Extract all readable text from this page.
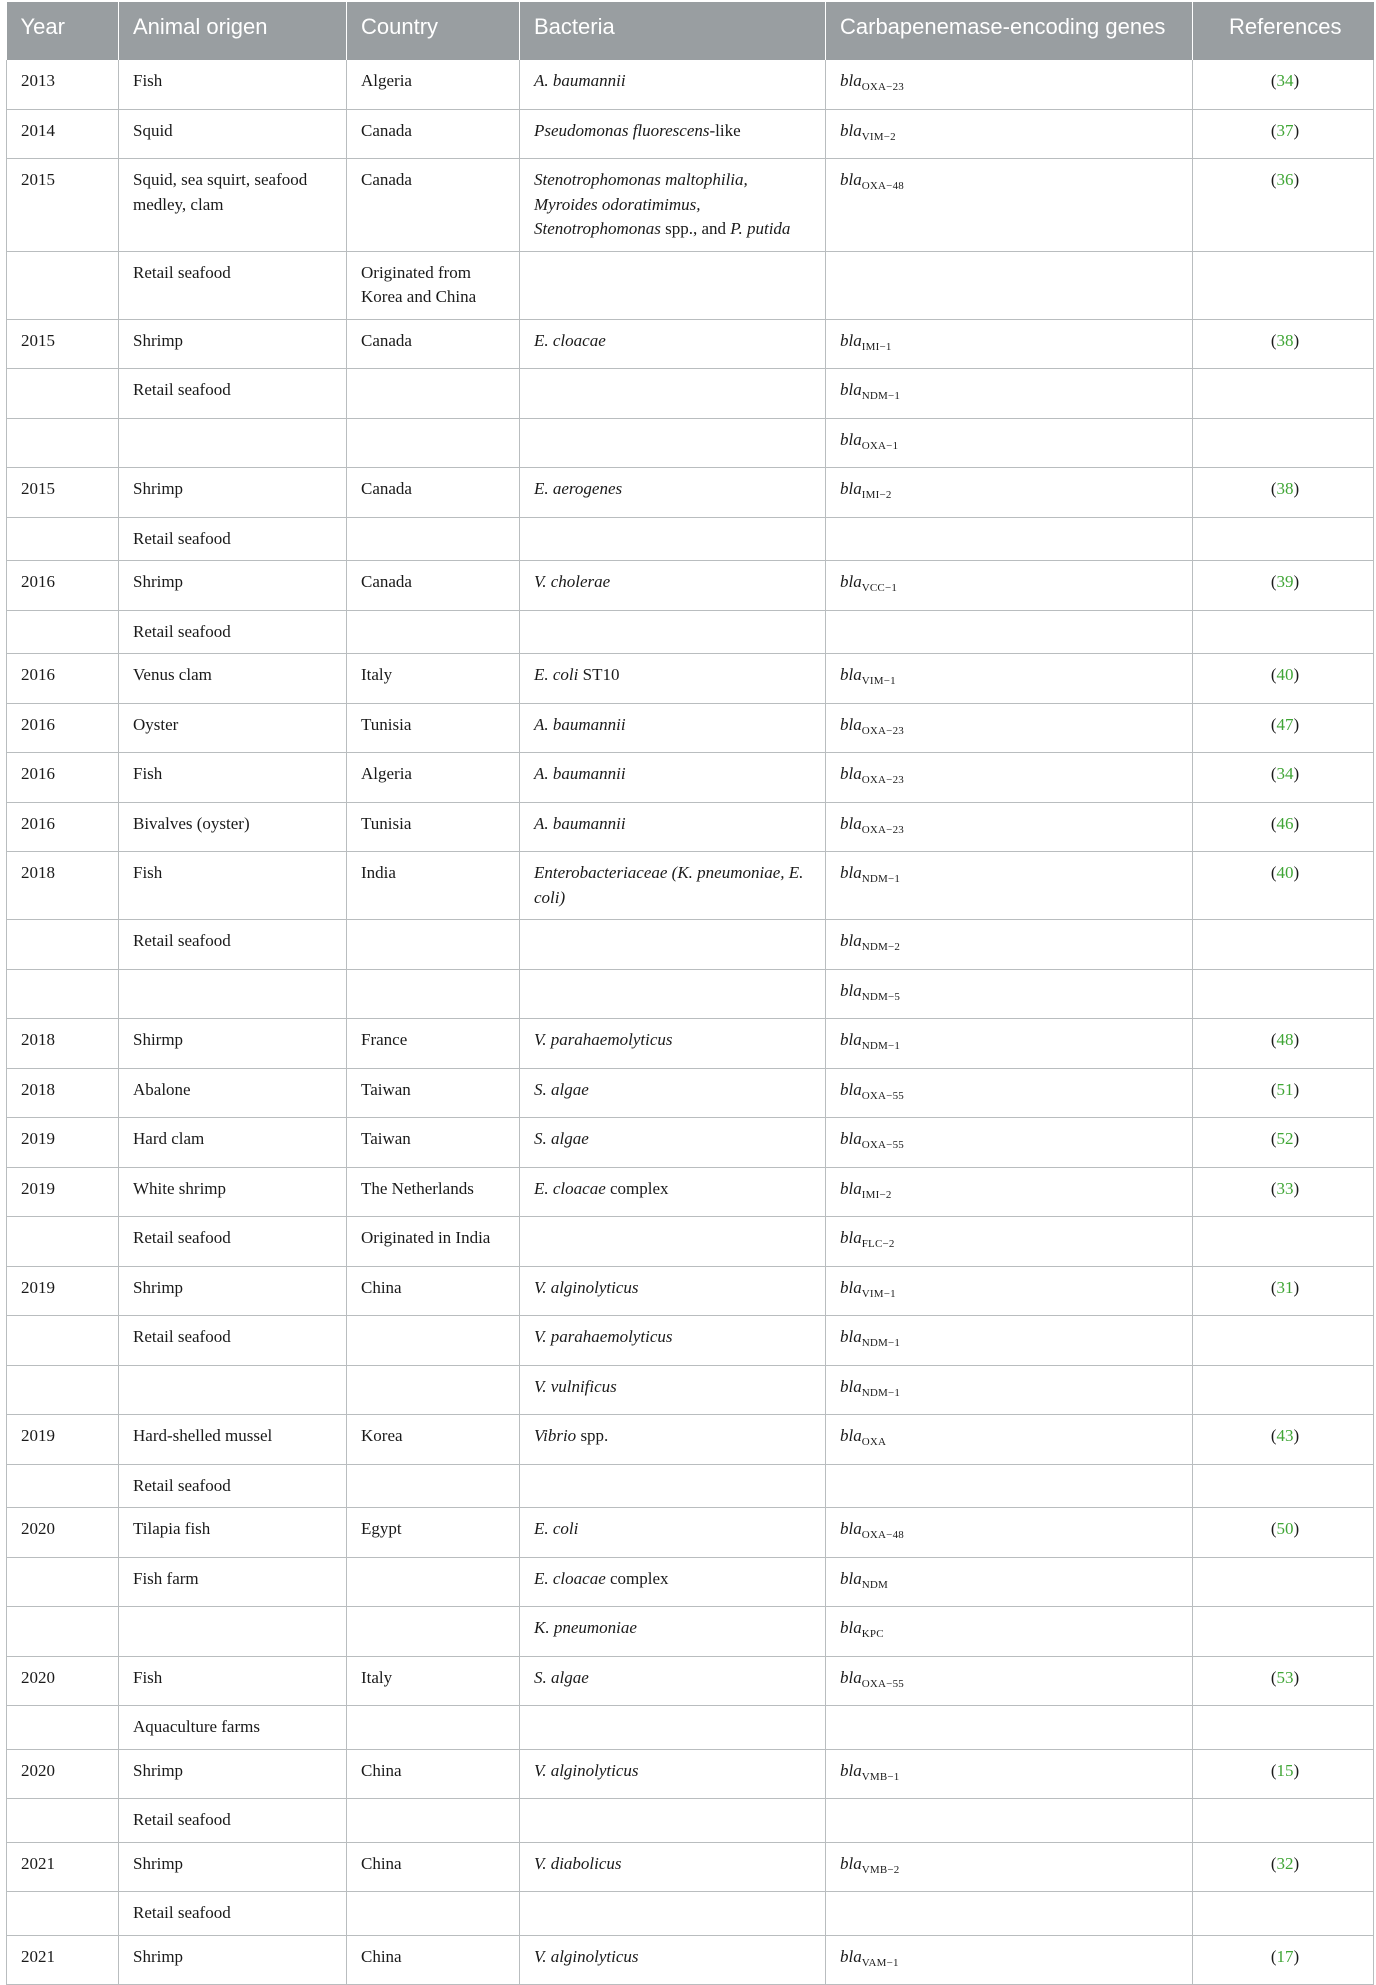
Year	Animal origen	Country	Bacteria	Carbapenemase-encoding genes	References
2013	Fish	Algeria	A. baumannii	bla$_{OXA-23}$	(34)
2014	Squid	Canada	Pseudomonas fluorescens-like	bla$_{VIM-2}$	(37)
2015	Squid, sea squirt, seafood medley, clam	Canada	Stenotrophomonas maltophilia, Myroides odoratimimus, Stenotrophomonas spp., and P. putida	bla$_{OXA-48}$	(36)
	Retail seafood	Originated from Korea and China			
2015	Shrimp	Canada	E. cloacae	bla$_{IMI-1}$	(38)
	Retail seafood			bla$_{NDM-1}$	
				bla$_{OXA-1}$	
2015	Shrimp	Canada	E. aerogenes	bla$_{IMI-2}$	(38)
	Retail seafood				
2016	Shrimp	Canada	V. cholerae	bla$_{VCC-1}$	(39)
	Retail seafood				
2016	Venus clam	Italy	E. coli ST10	bla$_{VIM-1}$	(40)
2016	Oyster	Tunisia	A. baumannii	bla$_{OXA-23}$	(47)
2016	Fish	Algeria	A. baumannii	bla$_{OXA-23}$	(34)
2016	Bivalves (oyster)	Tunisia	A. baumannii	bla$_{OXA-23}$	(46)
2018	Fish	India	Enterobacteriaceae (K. pneumoniae, E. coli)	bla$_{NDM-1}$	(40)
	Retail seafood			bla$_{NDM-2}$	
				bla$_{NDM-5}$	
2018	Shirmp	France	V. parahaemolyticus	bla$_{NDM-1}$	(48)
2018	Abalone	Taiwan	S. algae	bla$_{OXA-55}$	(51)
2019	Hard clam	Taiwan	S. algae	bla$_{OXA-55}$	(52)
2019	White shrimp	The Netherlands	E. cloacae complex	bla$_{IMI-2}$	(33)
	Retail seafood	Originated in India		bla$_{FLC-2}$	
2019	Shrimp	China	V. alginolyticus	bla$_{VIM-1}$	(31)
	Retail seafood		V. parahaemolyticus	bla$_{NDM-1}$	
			V. vulnificus	bla$_{NDM-1}$	
2019	Hard-shelled mussel	Korea	Vibrio spp.	bla$_{OXA}$	(43)
	Retail seafood				
2020	Tilapia fish	Egypt	E. coli	bla$_{OXA-48}$	(50)
	Fish farm		E. cloacae complex	bla$_{NDM}$	
			K. pneumoniae	bla$_{KPC}$	
2020	Fish	Italy	S. algae	bla$_{OXA-55}$	(53)
	Aquaculture farms				
2020	Shrimp	China	V. alginolyticus	bla$_{VMB-1}$	(15)
	Retail seafood				
2021	Shrimp	China	V. diabolicus	bla$_{VMB-2}$	(32)
	Retail seafood				
2021	Shrimp	China	V. alginolyticus	bla$_{VAM-1}$	(17)
